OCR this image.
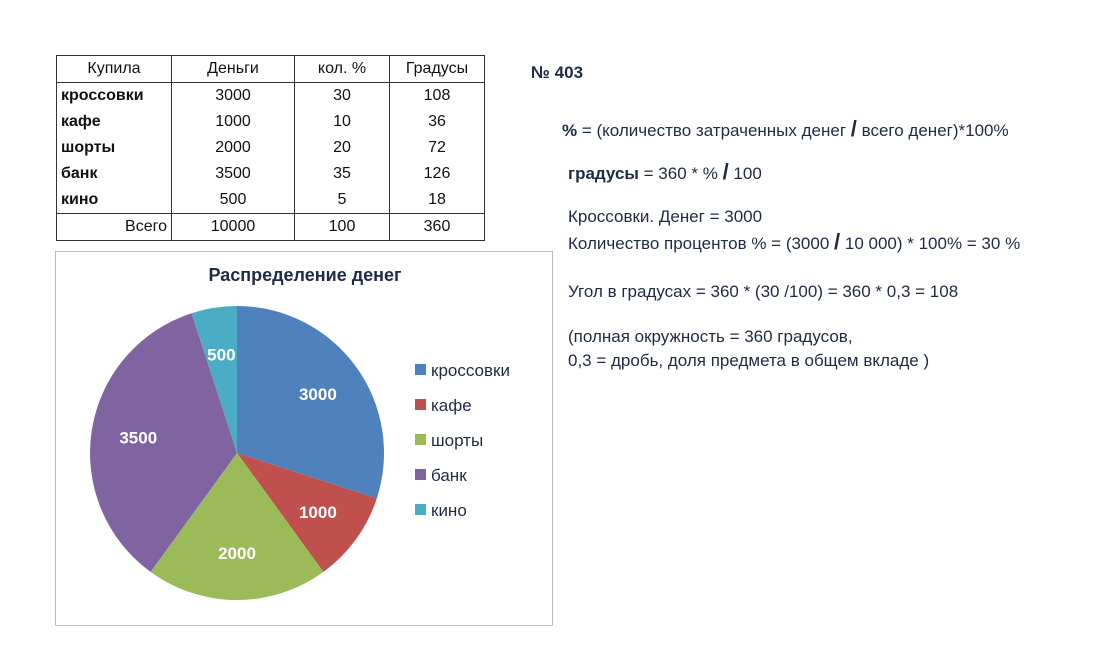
Купила	Деньги	кол. %	Градусы
кроссовки	3000	30	108
кафе	1000	10	36
шорты	2000	20	72
банк	3500	35	126
кино	500	5	18
Всего	10000	100	360
Распределение денег
3000
1000
2000
3500
500
кроссовки
кафе
шорты
банк
кино
№ 403
% = (количество затраченных денег / всего денег)*100%
градусы = 360 * % / 100
Кроссовки. Денег = 3000
Количество процентов % = (3000 / 10 000) * 100% = 30 %
Угол в градусах = 360 * (30 /100) = 360 * 0,3 = 108
(полная окружность = 360 градусов,
0,3 = дробь, доля предмета в общем вкладе )
